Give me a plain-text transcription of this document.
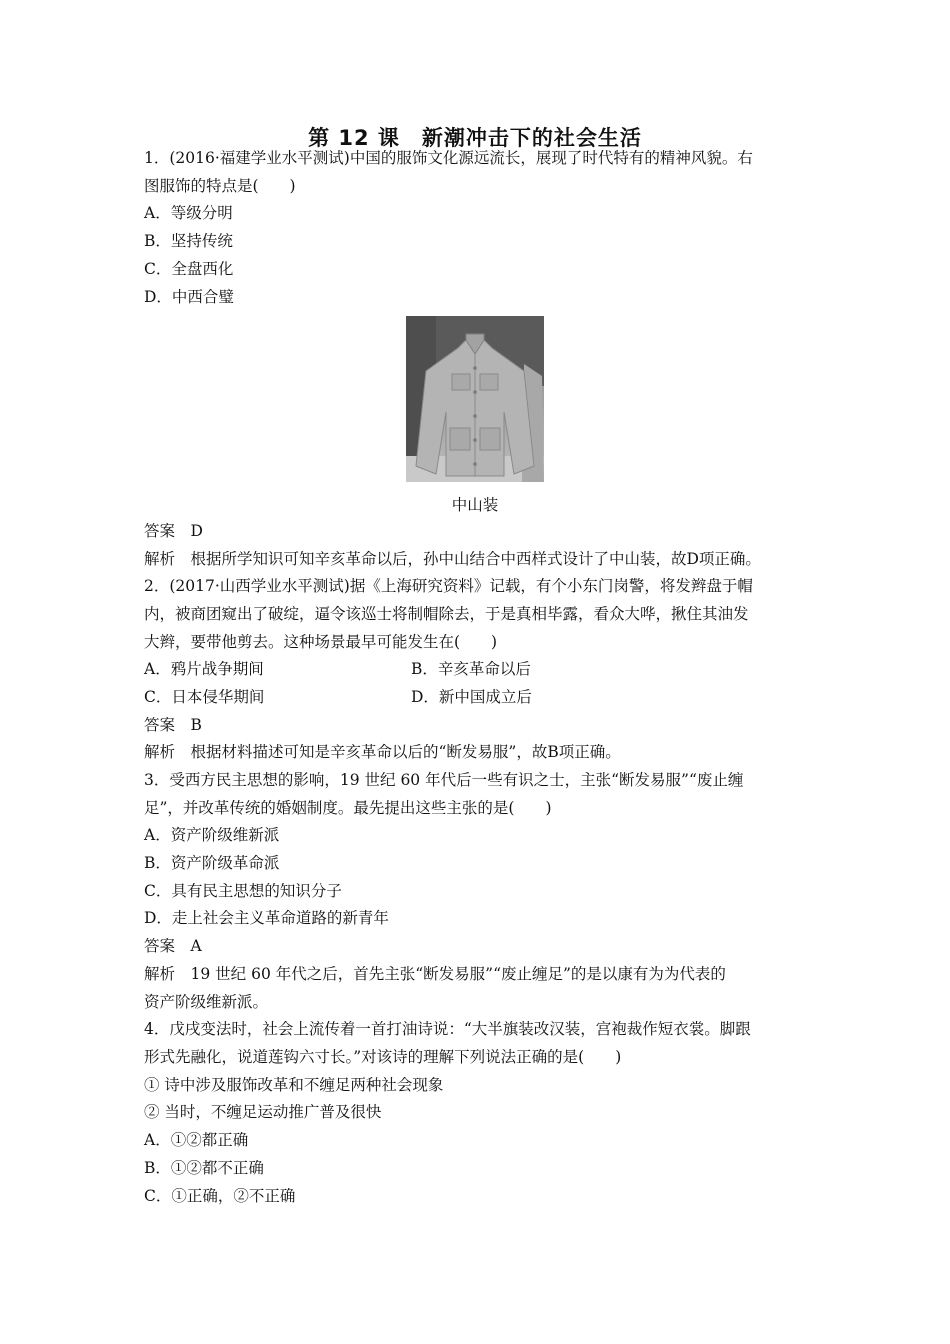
第 12 课　新潮冲击下的社会生活
1．(2016·福建学业水平测试)中国的服饰文化源远流长，展现了时代特有的精神风貌。右
图服饰的特点是(　　)
A．等级分明
B．坚持传统
C．全盘西化
D．中西合璧
中山装
答案　D
解析　根据所学知识可知辛亥革命以后，孙中山结合中西样式设计了中山装，故D项正确。
2．(2017·山西学业水平测试)据《上海研究资料》记载，有个小东门岗警，将发辫盘于帽
内，被商团窥出了破绽，逼令该巡士将制帽除去，于是真相毕露，看众大哗，揪住其油发
大辫，要带他剪去。这种场景最早可能发生在(　　)
A．鸦片战争期间	B．辛亥革命以后
C．日本侵华期间	D．新中国成立后
答案　B
解析　根据材料描述可知是辛亥革命以后的“断发易服”，故B项正确。
3．受西方民主思想的影响，19 世纪 60 年代后一些有识之士，主张“断发易服”“废止缠
足”，并改革传统的婚姻制度。最先提出这些主张的是(　　)
A．资产阶级维新派
B．资产阶级革命派
C．具有民主思想的知识分子
D．走上社会主义革命道路的新青年
答案　A
解析　19 世纪 60 年代之后，首先主张“断发易服”“废止缠足”的是以康有为为代表的
资产阶级维新派。
4．戊戌变法时，社会上流传着一首打油诗说：“大半旗装改汉装，宫袍裁作短衣裳。脚跟
形式先融化，说道莲钩六寸长。”对该诗的理解下列说法正确的是(　　)
① 诗中涉及服饰改革和不缠足两种社会现象
② 当时，不缠足运动推广普及很快
A．①②都正确
B．①②都不正确
C．①正确，②不正确
